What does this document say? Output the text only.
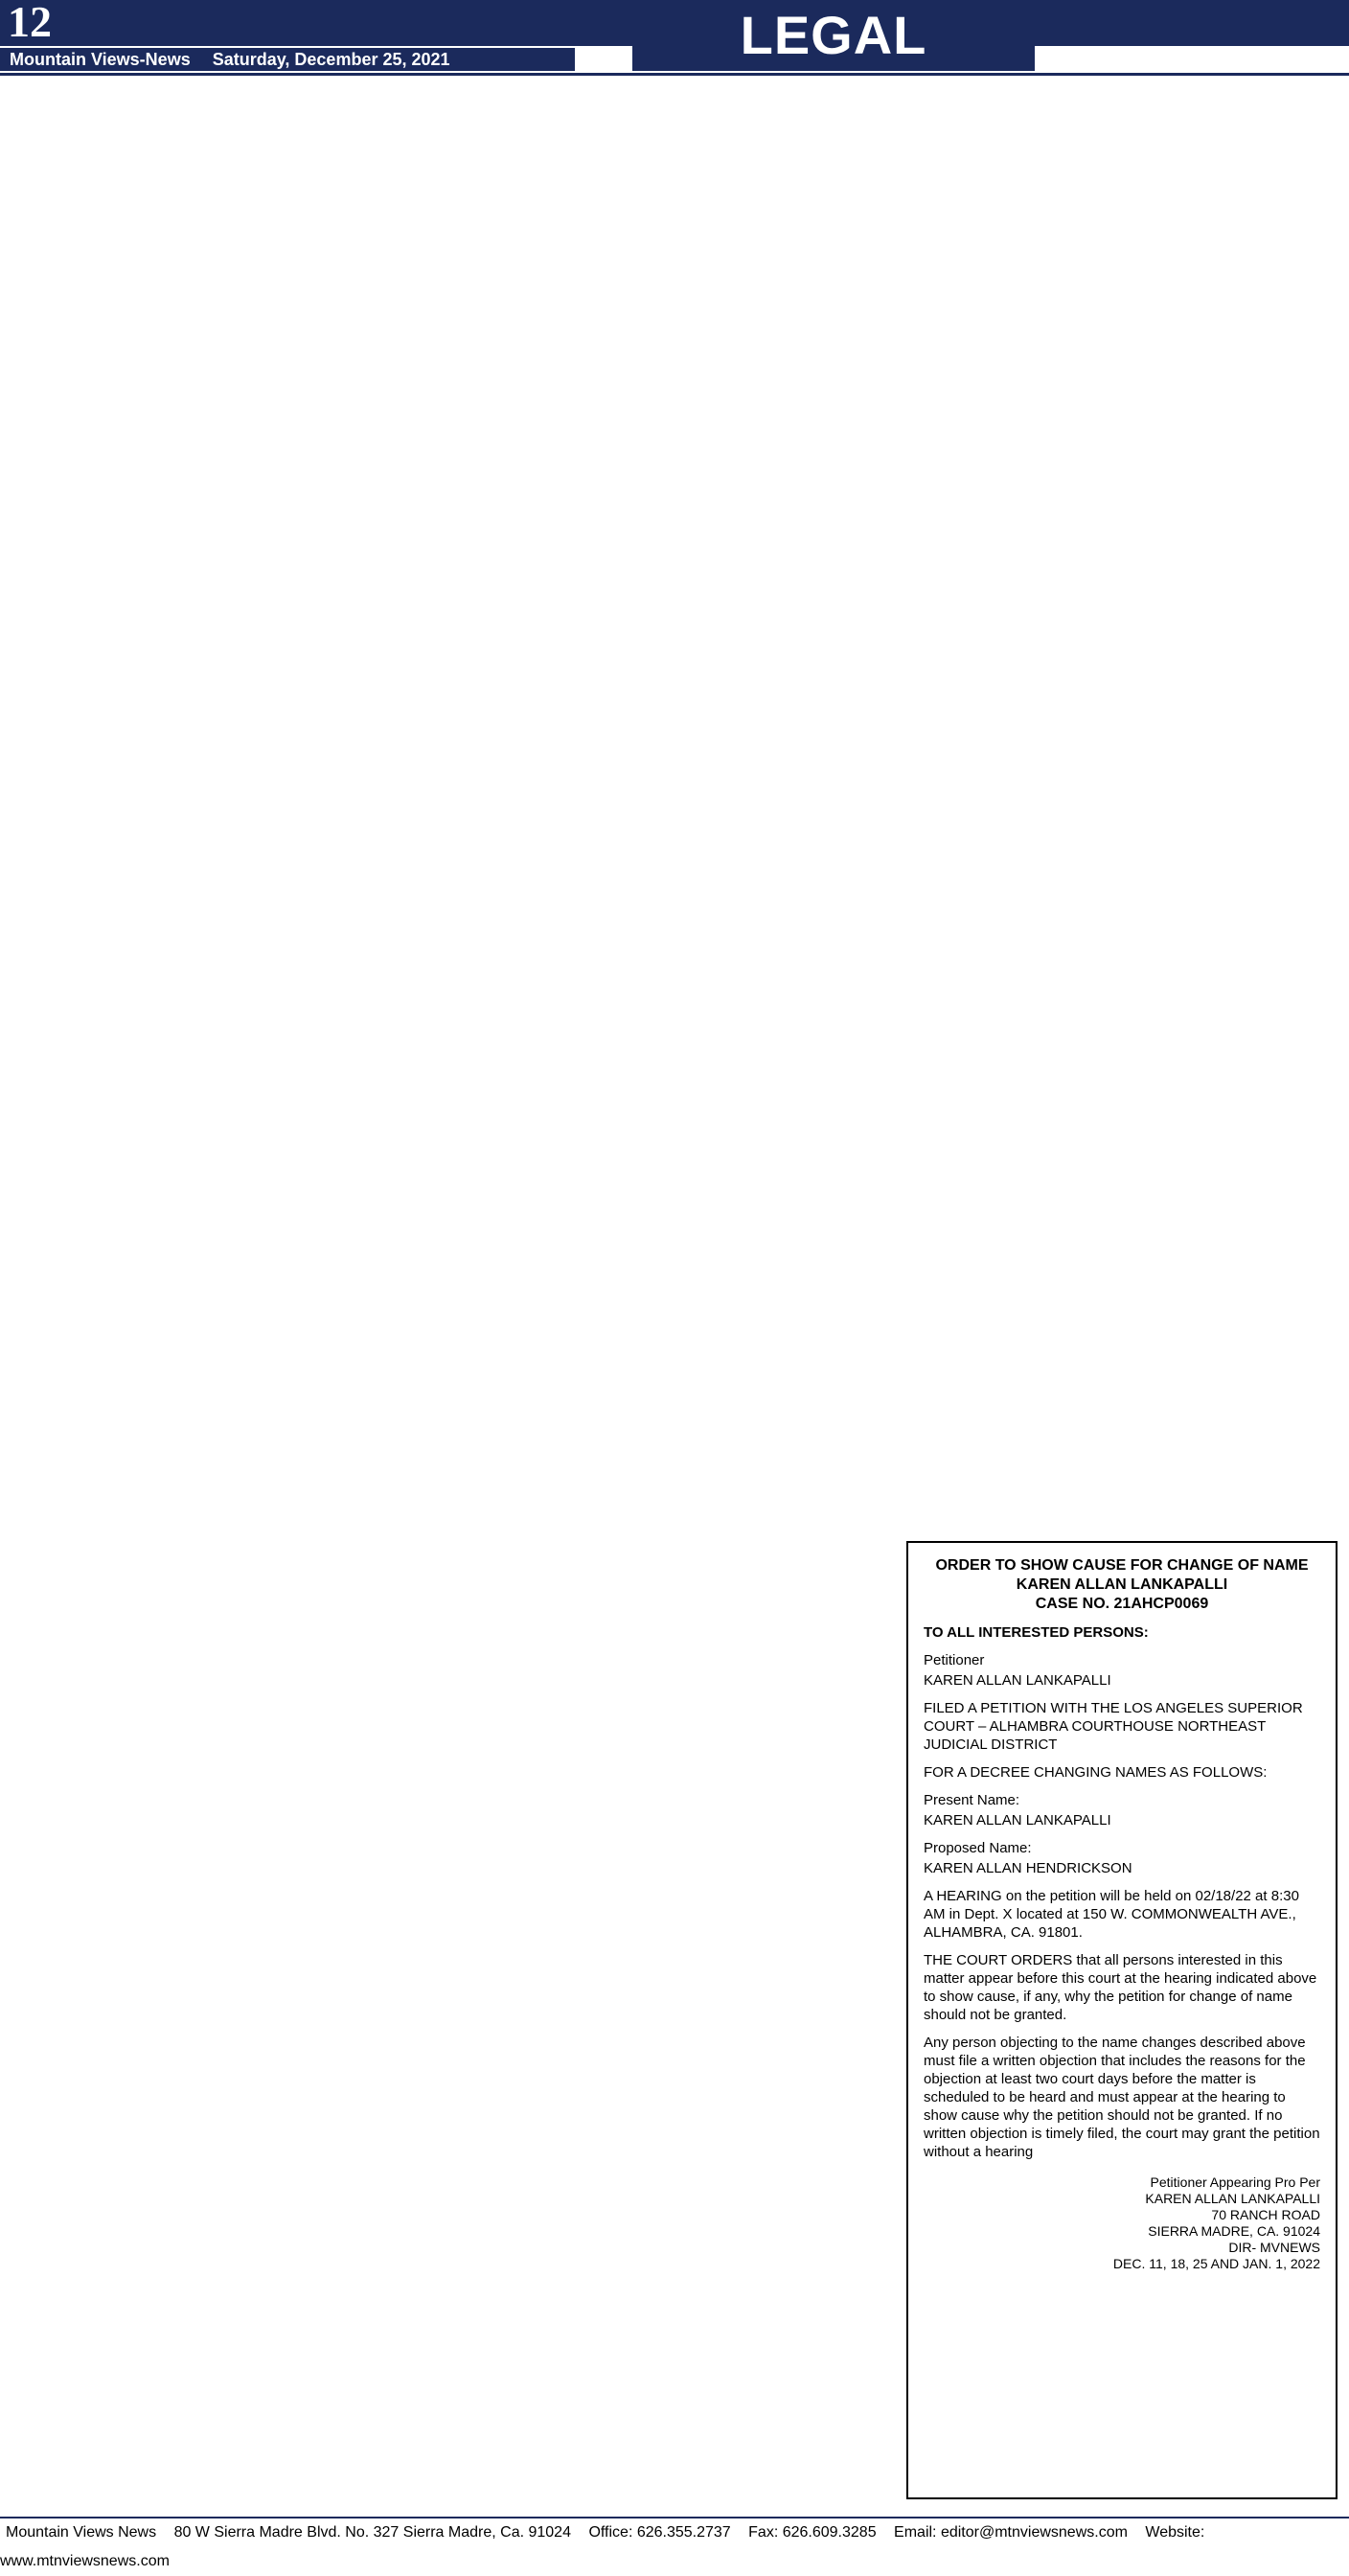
12
Mountain Views-News Saturday, December 25, 2021	LEGAL NOTICES
ORDER TO SHOW CAUSE FOR CHANGE OF NAME
KAREN ALLAN LANKAPALLI
CASE NO. 21AHCP0069
TO ALL INTERESTED PERSONS:
Petitioner
KAREN ALLAN LANKAPALLI
FILED A PETITION WITH THE LOS ANGELES SUPERIOR COURT – ALHAMBRA COURTHOUSE NORTHEAST JUDICIAL DISTRICT
FOR A DECREE CHANGING NAMES AS FOLLOWS:
Present Name:
KAREN ALLAN LANKAPALLI
Proposed Name:
KAREN ALLAN HENDRICKSON
A HEARING on the petition will be held on 02/18/22 at 8:30 AM in Dept. X located at 150 W. COMMONWEALTH AVE., ALHAMBRA, CA. 91801.
THE COURT ORDERS that all persons interested in this matter appear before this court at the hearing indicated above to show cause, if any, why the petition for change of name should not be granted.
Any person objecting to the name changes described above must file a written objection that includes the reasons for the objection at least two court days before the matter is scheduled to be heard and must appear at the hearing to show cause why the petition should not be granted. If no written objection is timely filed, the court may grant the petition without a hearing
Petitioner Appearing Pro Per
KAREN ALLAN LANKAPALLI
70 RANCH ROAD
SIERRA MADRE, CA. 91024
DIR- MVNEWS
DEC. 11, 18, 25 AND JAN. 1, 2022
Mountain Views News 80 W Sierra Madre Blvd. No. 327 Sierra Madre, Ca. 91024 Office: 626.355.2737 Fax: 626.609.3285 Email: editor@mtnviewsnews.com Website: www.mtnviewsnews.com
